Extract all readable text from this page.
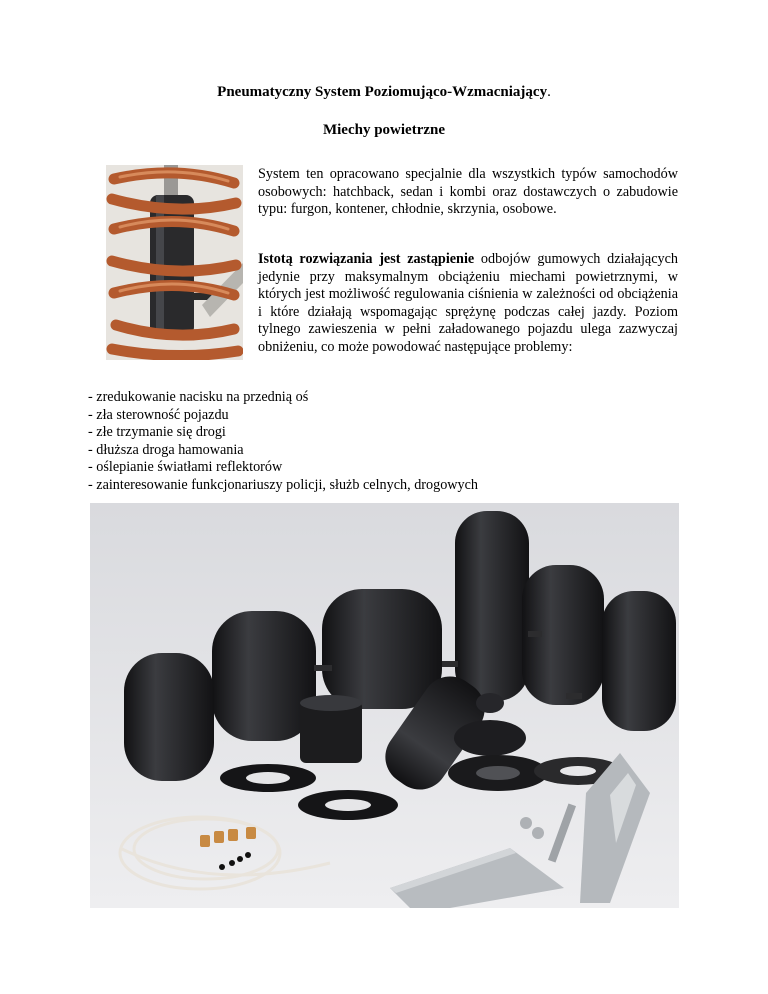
Pneumatyczny System Poziomująco-Wzmacniający.
Miechy powietrzne
System ten opracowano specjalnie dla wszystkich typów samochodów osobowych: hatchback, sedan i kombi oraz dostawczych o zabudowie typu: furgon, kontener, chłodnie, skrzynia, osobowe.
Istotą rozwiązania jest zastąpienie odbojów gumowych działających jedynie przy maksymalnym obciążeniu miechami powietrznymi, w których jest możliwość regulowania ciśnienia w zależności od obciążenia i które działają wspomagając sprężynę podczas całej jazdy. Poziom tylnego zawieszenia w pełni załadowanego pojazdu ulega zazwyczaj obniżeniu, co może powodować następujące problemy:
- zredukowanie nacisku na przednią oś
- zła sterowność pojazdu
- złe trzymanie się drogi
- dłuższa droga hamowania
- oślepianie światłami reflektorów
- zainteresowanie funkcjonariuszy policji, służb celnych, drogowych
